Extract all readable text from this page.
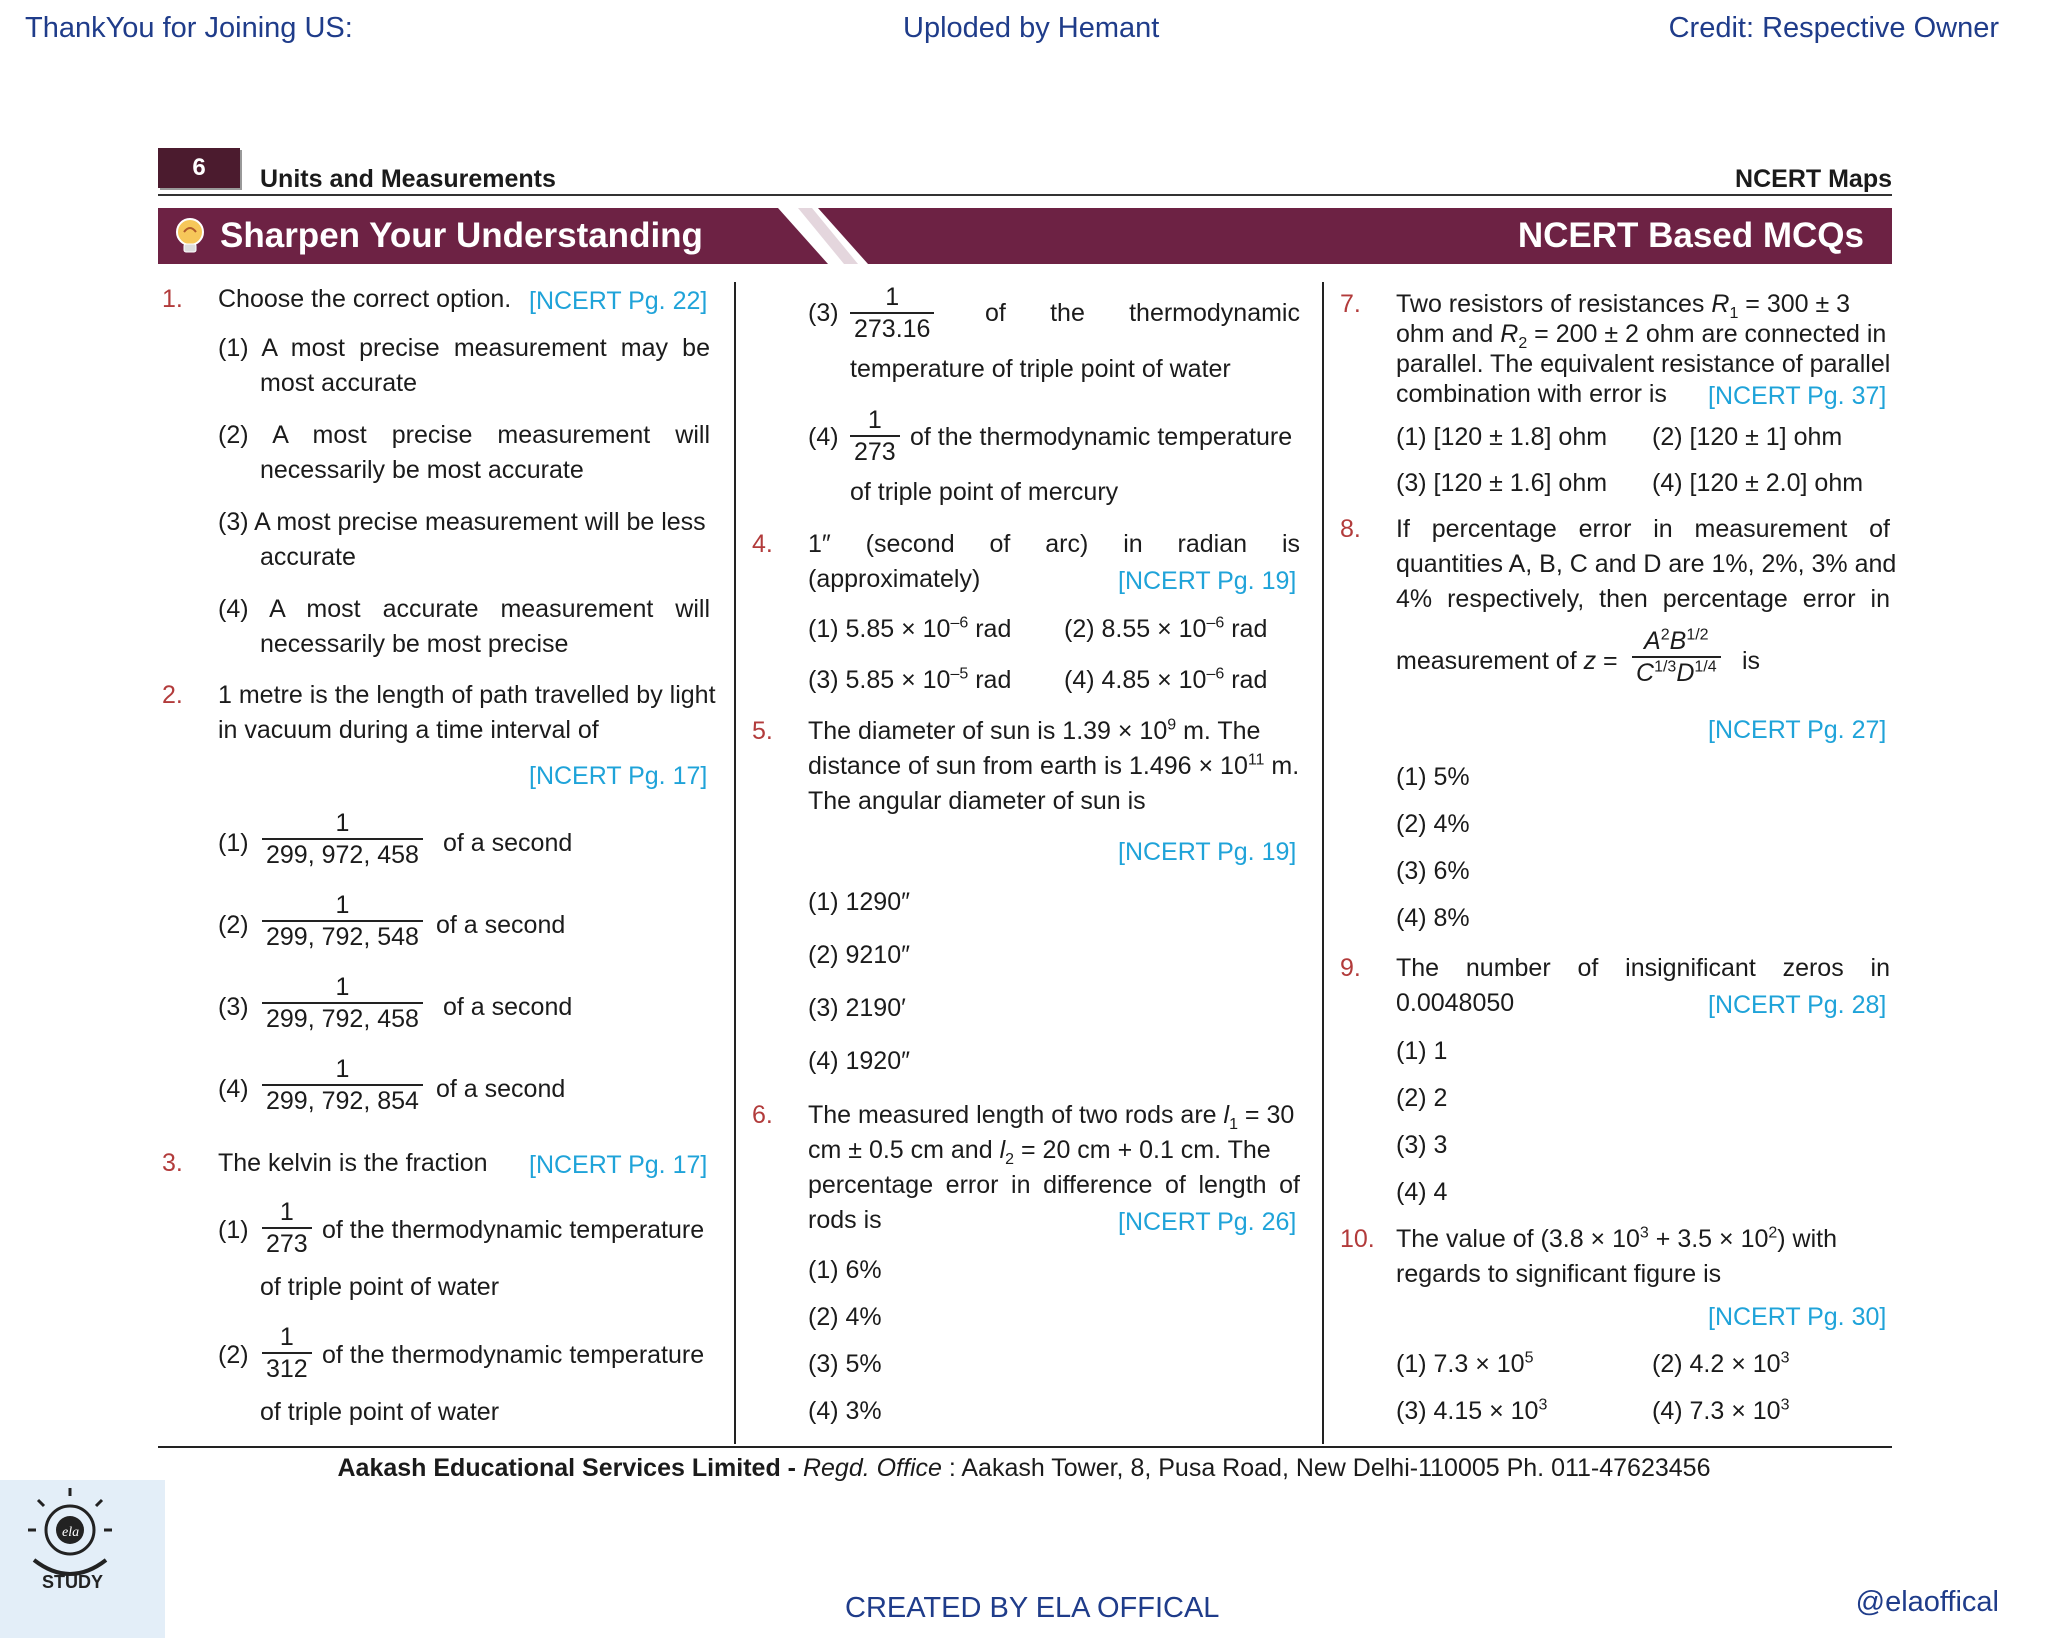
ThankYou for Joining US:	Uploded by Hemant	Credit: Respective Owner
6	Units and Measurements	NCERT Maps
Sharpen Your Understanding	NCERT Based MCQs
1. Choose the correct option. [NCERT Pg. 22]
(1) A most precise measurement may be
most accurate
(2) A most precise measurement will
necessarily be most accurate
(3) A most precise measurement will be less
accurate
(4) A most accurate measurement will
necessarily be most precise
2. 1 metre is the length of path travelled by light
in vacuum during a time interval of
[NCERT Pg. 17]
$(1) \frac{1}{299, 972, 458}$ of a second
$(2) \frac{1}{299, 792, 548}$ of a second
$(3) \frac{1}{299, 792, 458}$ of a second
$(4) \frac{1}{299, 792, 854}$ of a second
3. The kelvin is the fraction [NCERT Pg. 17]
$(1) \frac{1}{273}$ of the thermodynamic temperature
of triple point of water
$(2) \frac{1}{312}$ of the thermodynamic temperature
of triple point of water
$(3) \frac{1}{273.16}$ of the thermodynamic
temperature of triple point of water
$(4) \frac{1}{273}$ of the thermodynamic temperature
of triple point of mercury
4. 1″ (second of arc) in radian is
(approximately)	[NCERT Pg. 19]
(1) $5.85 \times 10^{-6}$ rad (2) $8.55 \times 10^{-6}$ rad
(3) $5.85 \times 10^{-5}$ rad (4) $4.85 \times 10^{-6}$ rad
5. The diameter of sun is $1.39 \times 10^9$ m. The
distance of sun from earth is $1.496 \times 10^{11}$ m.
The angular diameter of sun is
[NCERT Pg. 19]
(1) 1290″
(2) 9210″
(3) 2190′
(4) 1920″
6. The measured length of two rods are $l_1 = 30$
cm ± 0.5 cm and $l_2 = 20$ cm + 0.1 cm. The
percentage error in difference of length of
rods is	[NCERT Pg. 26]
(1) 6%
(2) 4%
(3) 5%
(4) 3%
7. Two resistors of resistances $R_1 = 300 \pm 3$
ohm and $R_2 = 200 \pm 2$ ohm are connected in
parallel. The equivalent resistance of parallel
combination with error is [NCERT Pg. 37]
(1) [120 ± 1.8] ohm (2) [120 ± 1] ohm
(3) [120 ± 1.6] ohm (4) [120 ± 2.0] ohm
8. If percentage error in measurement of
quantities A, B, C and D are 1%, 2%, 3% and
4% respectively, then percentage error in
measurement of $z = \frac{A^2B^{1/2}}{C^{1/3}D^{1/4}}$ is
[NCERT Pg. 27]
(1) 5%
(2) 4%
(3) 6%
(4) 8%
9. The number of insignificant zeros in
0.0048050	[NCERT Pg. 28]
(1) 1
(2) 2
(3) 3
(4) 4
10. The value of $(3.8 \times 10^3 + 3.5 \times 10^2)$ with
regards to significant figure is
[NCERT Pg. 30]
(1) $7.3 \times 10^5$	(2) $4.2 \times 10^3$
(3) $4.15 \times 10^3$	(4) $7.3 \times 10^3$
Aakash Educational Services Limited - Regd. Office : Aakash Tower, 8, Pusa Road, New Delhi-110005 Ph. 011-47623456
STUDY
ela
CREATED BY ELA OFFICAL	@elaoffical
